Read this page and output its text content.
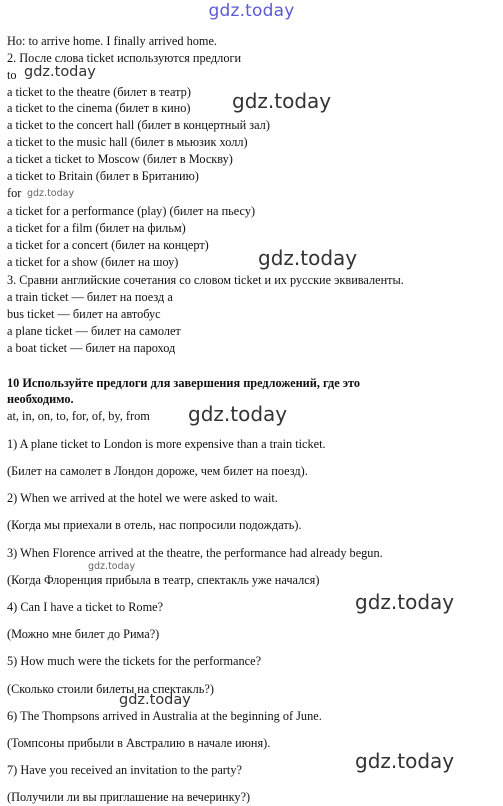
gdz.today
Но: to arrive home. I finally arrived home.
2. После слова ticket используются предлоги
to
a ticket to the theatre (билет в театр)
a ticket to the cinema (билет в кино)
a ticket to the concert hall (билет в концертный зал)
a ticket to the music hall (билет в мьюзик холл)
a ticket a ticket to Moscow (билет в Москву)
a ticket to Britain (билет в Британию)
for
a ticket for a performance (play) (билет на пьесу)
a ticket for a film (билет на фильм)
a ticket for a concert (билет на концерт)
a ticket for a show (билет на шоу)
3. Сравни английские сочетания со словом ticket и их русские эквиваленты.
a train ticket — билет на поезд а
bus ticket — билет на автобус
a plane ticket — билет на самолет
a boat ticket — билет на пароход
10 Используйте предлоги для завершения предложений, где это
необходимо.
at, in, on, to, for, of, by, from
1) A plane ticket to London is more expensive than a train ticket.
(Билет на самолет в Лондон дороже, чем билет на поезд).
2) When we arrived at the hotel we were asked to wait.
(Когда мы приехали в отель, нас попросили подождать).
3) When Florence arrived at the theatre, the performance had already begun.
(Когда Флоренция прибыла в театр, спектакль уже начался)
4) Can I have a ticket to Rome?
(Можно мне билет до Рима?)
5) How much were the tickets for the performance?
(Сколько стоили билеты на спектакль?)
6) The Thompsons arrived in Australia at the beginning of June.
(Томпсоны прибыли в Австралию в начале июня).
7) Have you received an invitation to the party?
(Получили ли вы приглашение на вечеринку?)
gdz.today
gdz.today
gdz.today
gdz.today
gdz.today
gdz.today
gdz.today
gdz.today
gdz.today
